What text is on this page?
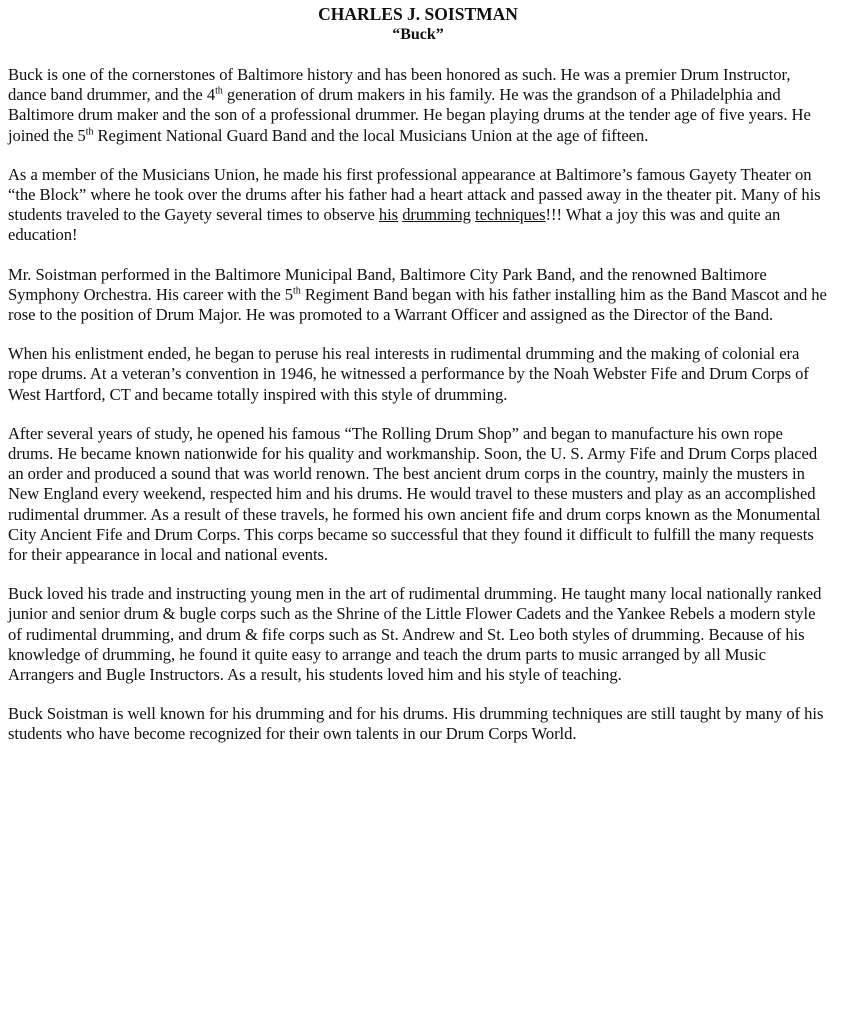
CHARLES J. SOISTMAN
“Buck”

Buck is one of the cornerstones of Baltimore history and has been honored as such. He was a premier Drum Instructor, dance band drummer, and the 4th generation of drum makers in his family. He was the grandson of a Philadelphia and Baltimore drum maker and the son of a professional drummer. He began playing drums at the tender age of five years. He joined the 5th Regiment National Guard Band and the local Musicians Union at the age of fifteen.

As a member of the Musicians Union, he made his first professional appearance at Baltimore’s famous Gayety Theater on “the Block” where he took over the drums after his father had a heart attack and passed away in the theater pit. Many of his students traveled to the Gayety several times to observe his drumming techniques!!! What a joy this was and quite an education!

Mr. Soistman performed in the Baltimore Municipal Band, Baltimore City Park Band, and the renowned Baltimore Symphony Orchestra. His career with the 5th Regiment Band began with his father installing him as the Band Mascot and he rose to the position of Drum Major. He was promoted to a Warrant Officer and assigned as the Director of the Band.

When his enlistment ended, he began to peruse his real interests in rudimental drumming and the making of colonial era rope drums. At a veteran’s convention in 1946, he witnessed a performance by the Noah Webster Fife and Drum Corps of West Hartford, CT and became totally inspired with this style of drumming.

After several years of study, he opened his famous “The Rolling Drum Shop” and began to manufacture his own rope drums. He became known nationwide for his quality and workmanship. Soon, the U. S. Army Fife and Drum Corps placed an order and produced a sound that was world renown. The best ancient drum corps in the country, mainly the musters in New England every weekend, respected him and his drums. He would travel to these musters and play as an accomplished rudimental drummer. As a result of these travels, he formed his own ancient fife and drum corps known as the Monumental City Ancient Fife and Drum Corps. This corps became so successful that they found it difficult to fulfill the many requests for their appearance in local and national events.

Buck loved his trade and instructing young men in the art of rudimental drumming. He taught many local nationally ranked junior and senior drum & bugle corps such as the Shrine of the Little Flower Cadets and the Yankee Rebels a modern style of rudimental drumming, and drum & fife corps such as St. Andrew and St. Leo both styles of drumming. Because of his knowledge of drumming, he found it quite easy to arrange and teach the drum parts to music arranged by all Music Arrangers and Bugle Instructors. As a result, his students loved him and his style of teaching.

Buck Soistman is well known for his drumming and for his drums. His drumming techniques are still taught by many of his students who have become recognized for their own talents in our Drum Corps World.
